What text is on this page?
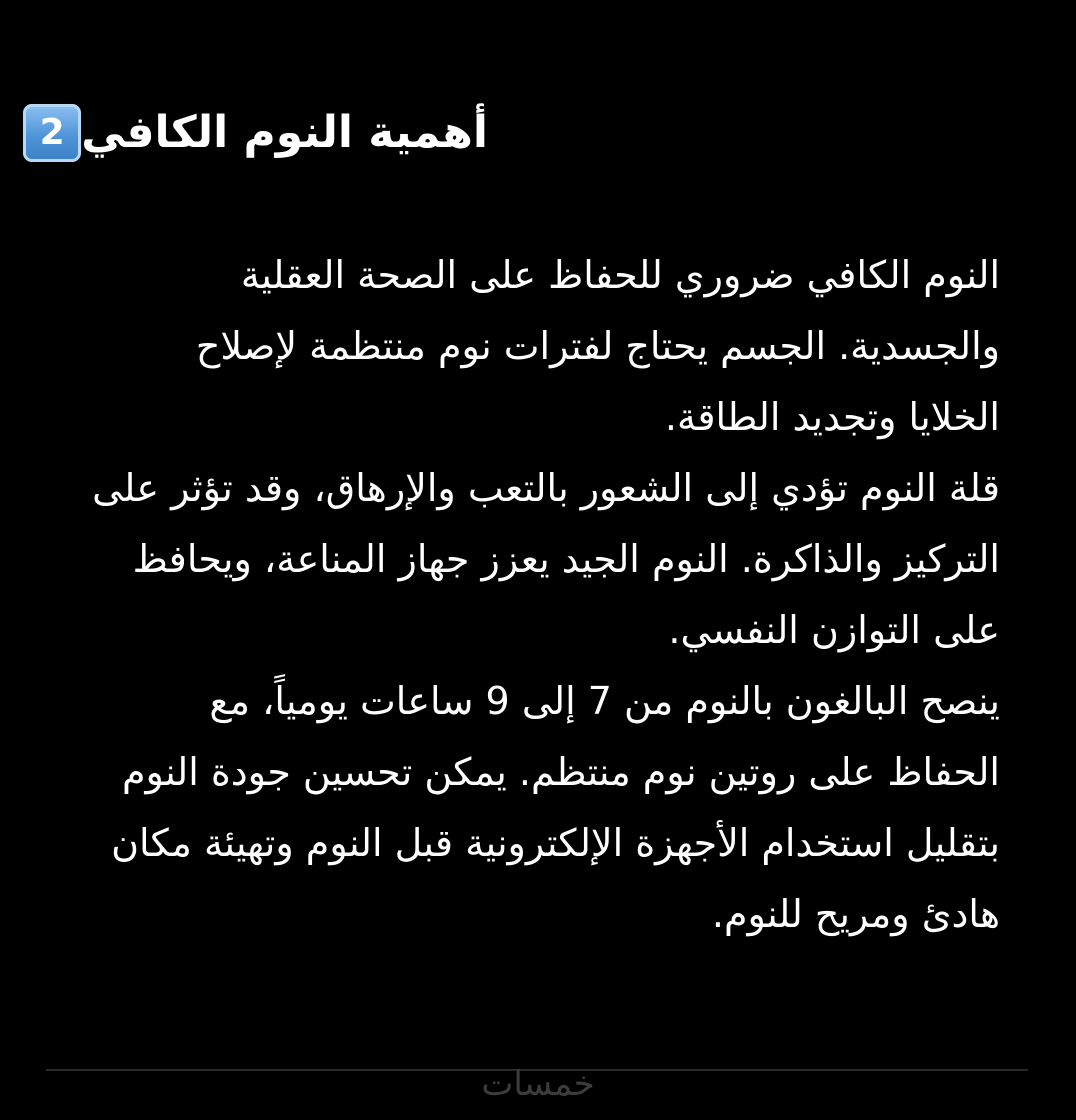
2 أهمية النوم الكافي
النوم الكافي ضروري للحفاظ على الصحة العقلية
والجسدية. الجسم يحتاج لفترات نوم منتظمة لإصلاح
الخلايا وتجديد الطاقة.
قلة النوم تؤدي إلى الشعور بالتعب والإرهاق، وقد تؤثر على
التركيز والذاكرة. النوم الجيد يعزز جهاز المناعة، ويحافظ
على التوازن النفسي.
ينصح البالغون بالنوم من 7 إلى 9 ساعات يومياً، مع
الحفاظ على روتين نوم منتظم. يمكن تحسين جودة النوم
بتقليل استخدام الأجهزة الإلكترونية قبل النوم وتهيئة مكان
هادئ ومريح للنوم.
خمسات
